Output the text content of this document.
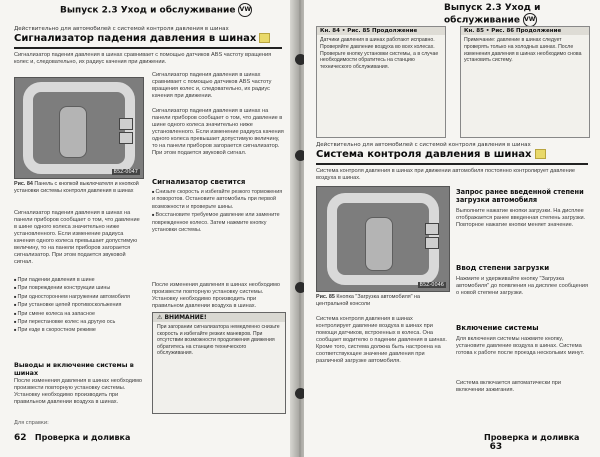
Выпуск 2.3 Уход и обслуживание VW
Действительно для автомобилей с системой контроля давления в шинах
Сигнализатор падения давления в шинах
Сигнализатор падения давления в шинах сравнивает с помощью датчиков ABS частоту вращения колес и, следовательно, их радиус качения при движении.
B5Z-0047
Рис. 84 Панель с кнопкой выключателя и кнопкой установки системы контроля давления в шинах
Сигнализатор падения давления в шинах на панели приборов сообщает о том, что давление в шине одного колеса значительно ниже установленного. Если изменение радиуса качения одного колеса превышает допустимую величину, то на панели приборов загорается сигнализатор. При этом подается звуковой сигнал.
■ При падении давления в шине
■ При повреждении конструкции шины
■ При одностороннем нагружении автомобиля
■ При установке цепей противоскольжения
■ При смене колеса на запасное
■ При перестановке колес на другую ось
■ При езде в скоростном режиме
Выводы и включение системы в шинах
После изменения давления в шинах необходимо произвести повторную установку системы. Установку необходимо производить при правильном давлении воздуха в шинах.
Сигнализатор падения давления в шинах сравнивает с помощью датчиков ABS частоту вращения колес и, следовательно, их радиус качения при движении.
Сигнализатор падения давления в шинах на панели приборов сообщает о том, что давление в шине одного колеса значительно ниже установленного. Если изменение радиуса качения одного колеса превышает допустимую величину, то на панели приборов загорается сигнализатор. При этом подается звуковой сигнал.
Сигнализатор светится
■ Снизьте скорость и избегайте резкого торможения и поворотов. Остановите автомобиль при первой возможности и проверьте шины.
■ Восстановите требуемое давление или замените поврежденное колесо. Затем нажмите кнопку установки системы.
После изменения давления в шинах необходимо произвести повторную установку системы. Установку необходимо производить при правильном давлении воздуха в шинах.
⚠ ВНИМАНИЕ!
При загорании сигнализатора немедленно снизьте скорость и избегайте резких маневров. При отсутствии возможности продолжения движения обратитесь на станцию технического обслуживания.
Для справки:
62 Проверка и доливка
Выпуск 2.3 Уход и обслуживание VW
Кн. 84 • Рис. 85 Продолжение
Датчики давления в шинах работают исправно. Проверяйте давление воздуха во всех колесах. Проверьте кнопку установки системы, а в случае необходимости обратитесь на станцию технического обслуживания.
Кн. 85 • Рис. 86 Продолжение
Примечание: давление в шинах следует проверять только на холодных шинах. После изменения давления в шинах необходимо снова установить систему.
Действительно для автомобилей с системой контроля давления в шинах
Система контроля давления в шинах
Система контроля давления в шинах при движении автомобиля постоянно контролирует давление воздуха в шинах.
B5Z-0046
Рис. 85 Кнопка "Загрузка автомобиля" на центральной консоли
Система контроля давления в шинах контролирует давление воздуха в шинах при помощи датчиков, встроенных в колеса. Она сообщает водителю о падении давления в шинах. Кроме того, система должна быть настроена на соответствующее значение давления при различной загрузке автомобиля.
Запрос ранее введенной степени загрузки автомобиля
Выполните нажатие кнопки загрузки. На дисплее отображается ранее введенная степень загрузки. Повторное нажатие кнопки меняет значение.
Ввод степени загрузки
Нажмите и удерживайте кнопку "Загрузка автомобиля" до появления на дисплее сообщения о новой степени загрузки.
Включение системы
Для включения системы нажмите кнопку, установите давление воздуха в шинах. Система готова к работе после проезда нескольких минут.
Система включается автоматически при включении зажигания.
Проверка и доливка   63
